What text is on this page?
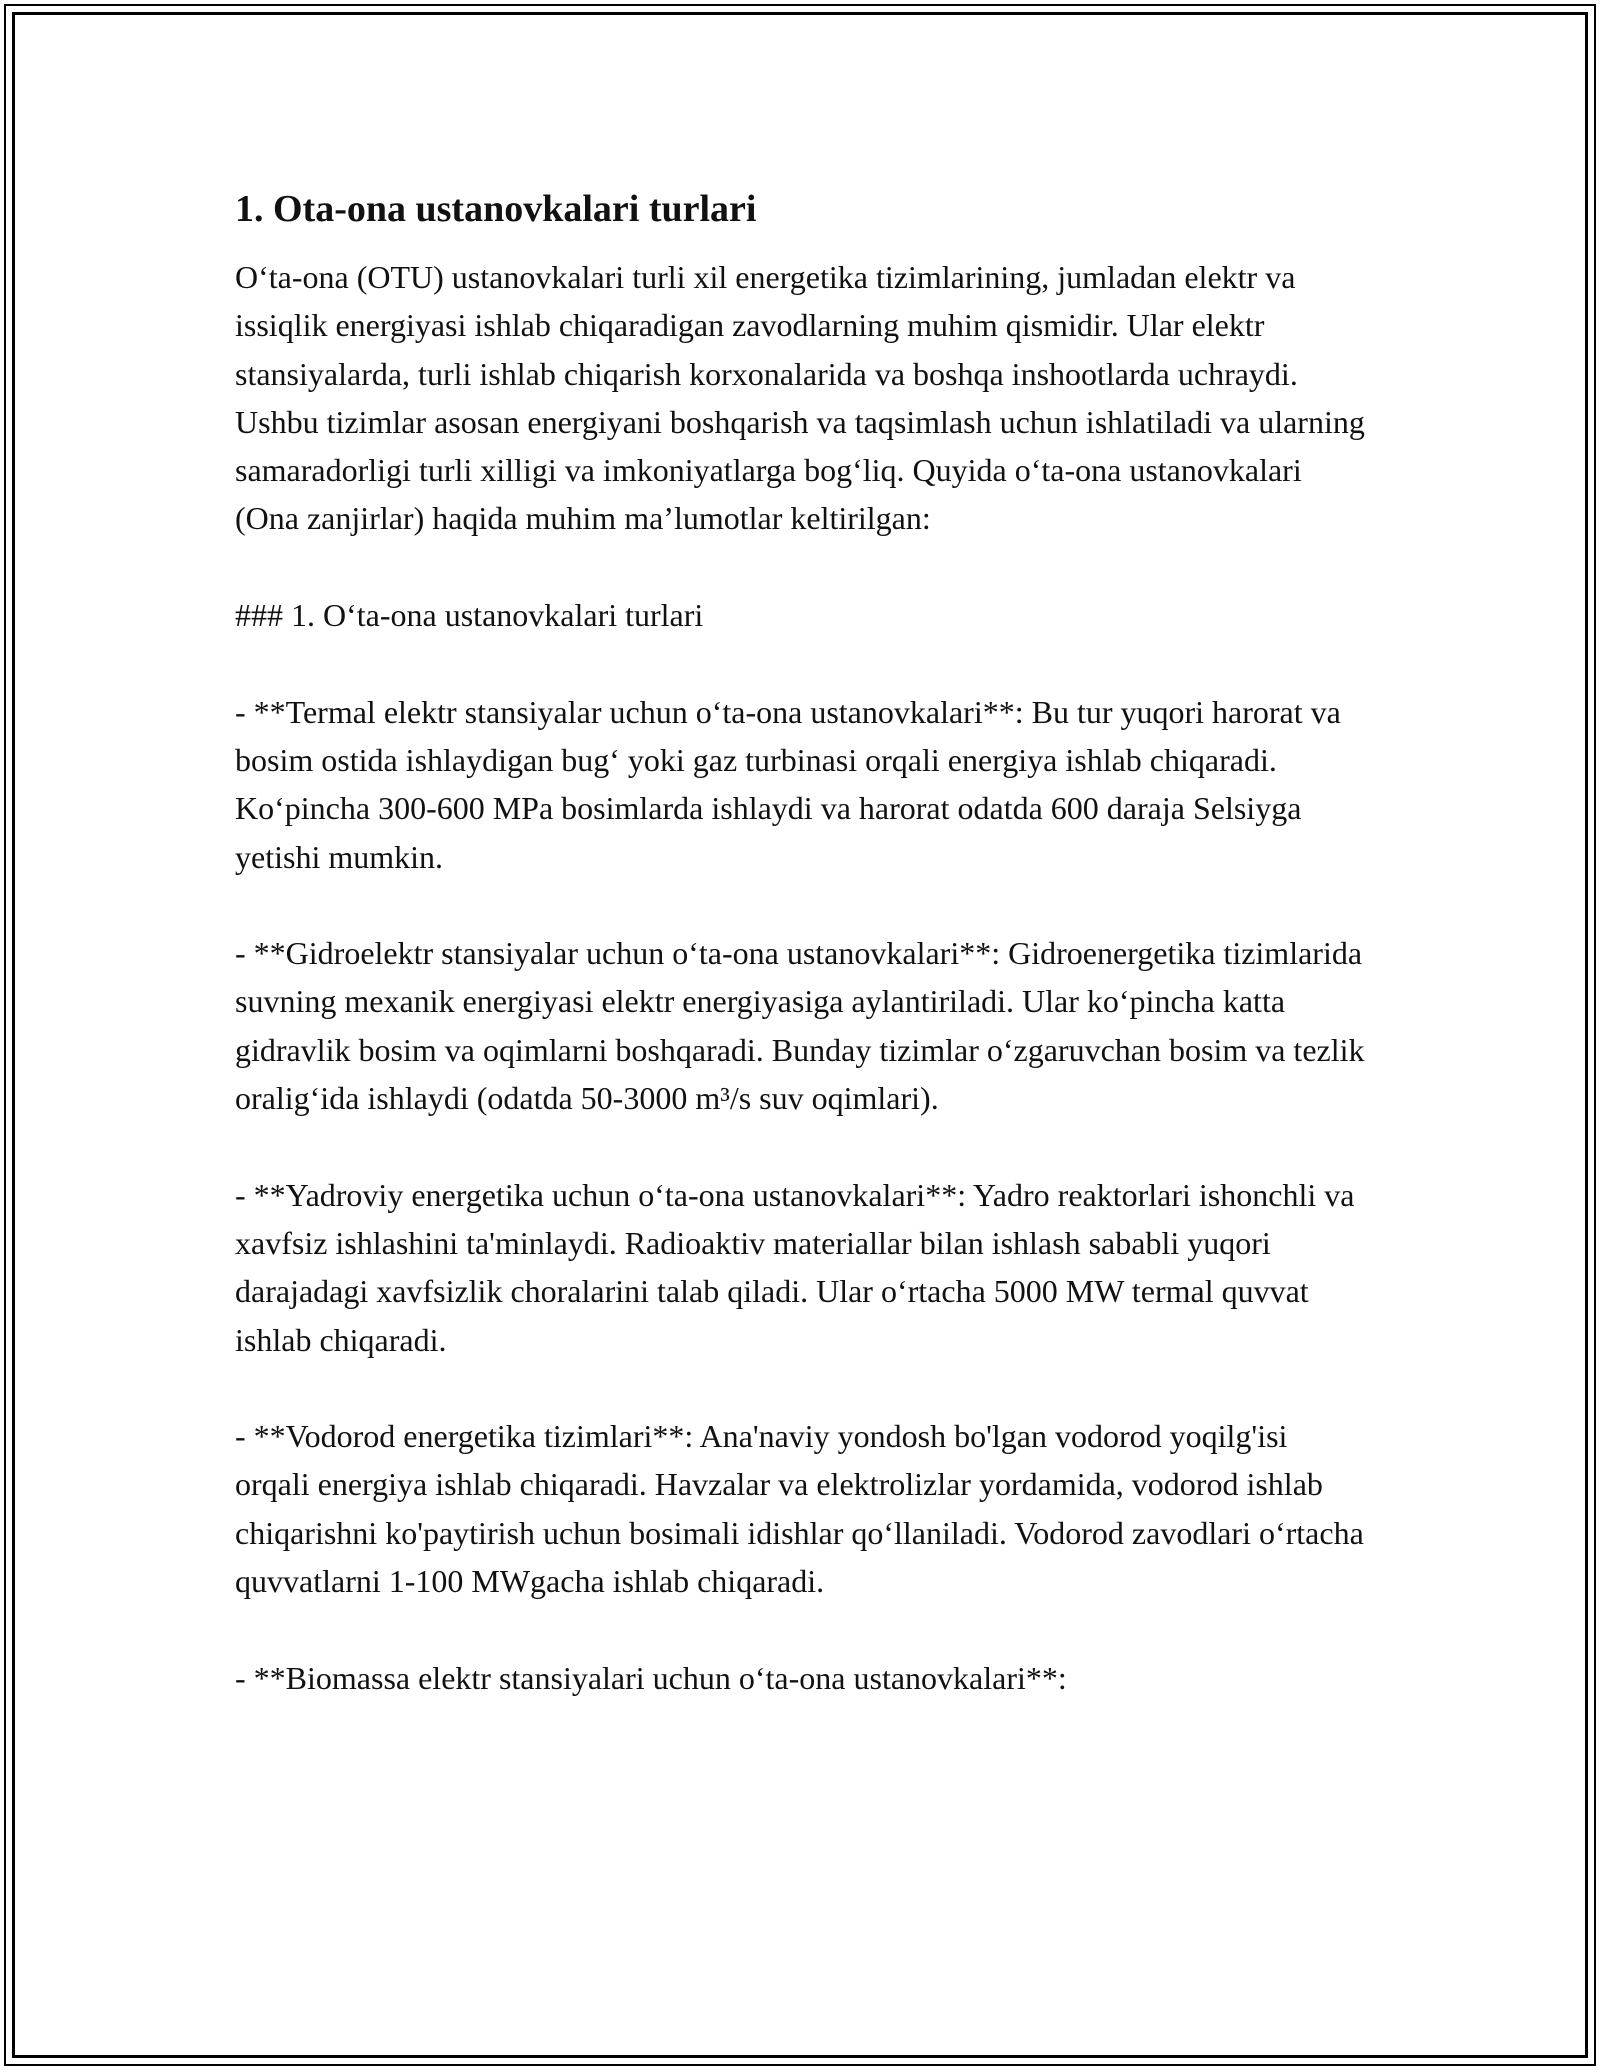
1. Ota-ona ustanovkalari turlari

O‘ta-ona (OTU) ustanovkalari turli xil energetika tizimlarining, jumladan elektr va issiqlik energiyasi ishlab chiqaradigan zavodlarning muhim qismidir. Ular elektr stansiyalarda, turli ishlab chiqarish korxonalarida va boshqa inshootlarda uchraydi. Ushbu tizimlar asosan energiyani boshqarish va taqsimlash uchun ishlatiladi va ularning samaradorligi turli xilligi va imkoniyatlarga bog‘liq. Quyida o‘ta-ona ustanovkalari (Ona zanjirlar) haqida muhim ma’lumotlar keltirilgan:

### 1. O‘ta-ona ustanovkalari turlari

- **Termal elektr stansiyalar uchun o‘ta-ona ustanovkalari**: Bu tur yuqori harorat va bosim ostida ishlaydigan bug‘ yoki gaz turbinasi orqali energiya ishlab chiqaradi. Ko‘pincha 300-600 MPa bosimlarda ishlaydi va harorat odatda 600 daraja Selsiyga yetishi mumkin.

- **Gidroelektr stansiyalar uchun o‘ta-ona ustanovkalari**: Gidroenergetika tizimlarida suvning mexanik energiyasi elektr energiyasiga aylantiriladi. Ular ko‘pincha katta gidravlik bosim va oqimlarni boshqaradi. Bunday tizimlar o‘zgaruvchan bosim va tezlik oralig‘ida ishlaydi (odatda 50-3000 m³/s suv oqimlari).

- **Yadroviy energetika uchun o‘ta-ona ustanovkalari**: Yadro reaktorlari ishonchli va xavfsiz ishlashini ta'minlaydi. Radioaktiv materiallar bilan ishlash sababli yuqori darajadagi xavfsizlik choralarini talab qiladi. Ular o‘rtacha 5000 MW termal quvvat ishlab chiqaradi.

- **Vodorod energetika tizimlari**: Ana'naviy yondosh bo'lgan vodorod yoqilg'isi orqali energiya ishlab chiqaradi. Havzalar va elektrolizlar yordamida, vodorod ishlab chiqarishni ko'paytirish uchun bosimali idishlar qo‘llaniladi. Vodorod zavodlari o‘rtacha quvvatlarni 1-100 MWgacha ishlab chiqaradi.

- **Biomassa elektr stansiyalari uchun o‘ta-ona ustanovkalari**:
